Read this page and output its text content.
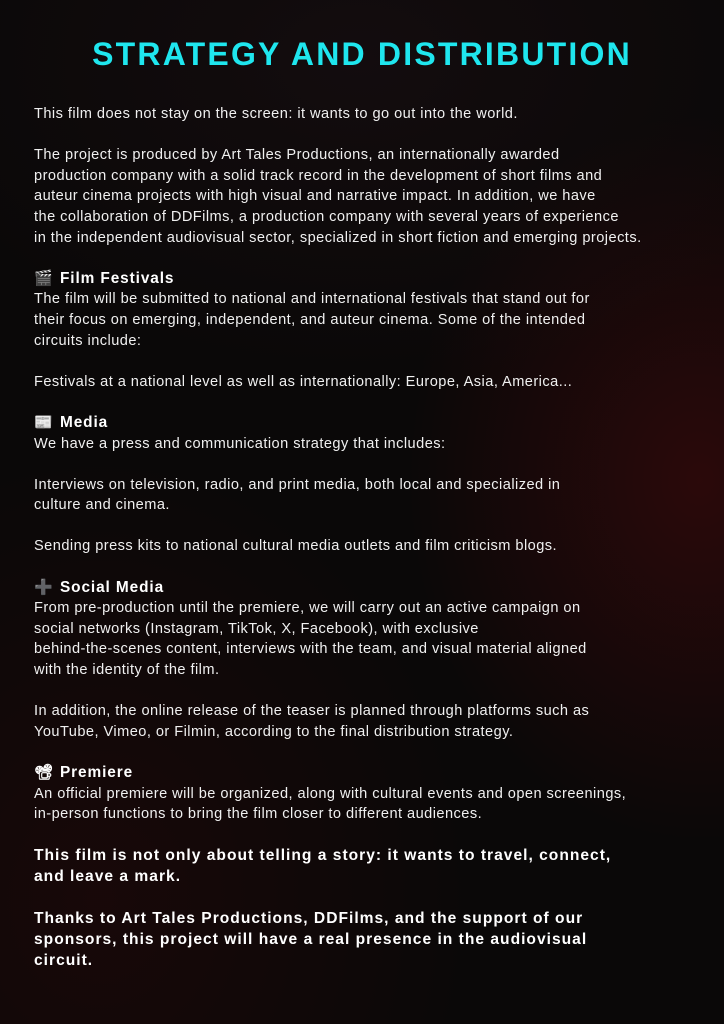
STRATEGY AND DISTRIBUTION

This film does not stay on the screen: it wants to go out into the world.

The project is produced by Art Tales Productions, an internationally awarded
production company with a solid track record in the development of short films and
auteur cinema projects with high visual and narrative impact. In addition, we have
the collaboration of DDFilms, a production company with several years of experience
in the independent audiovisual sector, specialized in short fiction and emerging projects.

🎬 Film Festivals

The film will be submitted to national and international festivals that stand out for
their focus on emerging, independent, and auteur cinema. Some of the intended
circuits include:

Festivals at a national level as well as internationally: Europe, Asia, America...

📰 Media

We have a press and communication strategy that includes:

Interviews on television, radio, and print media, both local and specialized in
culture and cinema.

Sending press kits to national cultural media outlets and film criticism blogs.

➕ Social Media

From pre-production until the premiere, we will carry out an active campaign on
social networks (Instagram, TikTok, X, Facebook), with exclusive
behind-the-scenes content, interviews with the team, and visual material aligned
with the identity of the film.

In addition, the online release of the teaser is planned through platforms such as
YouTube, Vimeo, or Filmin, according to the final distribution strategy.

📽 Premiere

An official premiere will be organized, along with cultural events and open screenings,
in-person functions to bring the film closer to different audiences.

This film is not only about telling a story: it wants to travel, connect,
and leave a mark.

Thanks to Art Tales Productions, DDFilms, and the support of our
sponsors, this project will have a real presence in the audiovisual
circuit.
